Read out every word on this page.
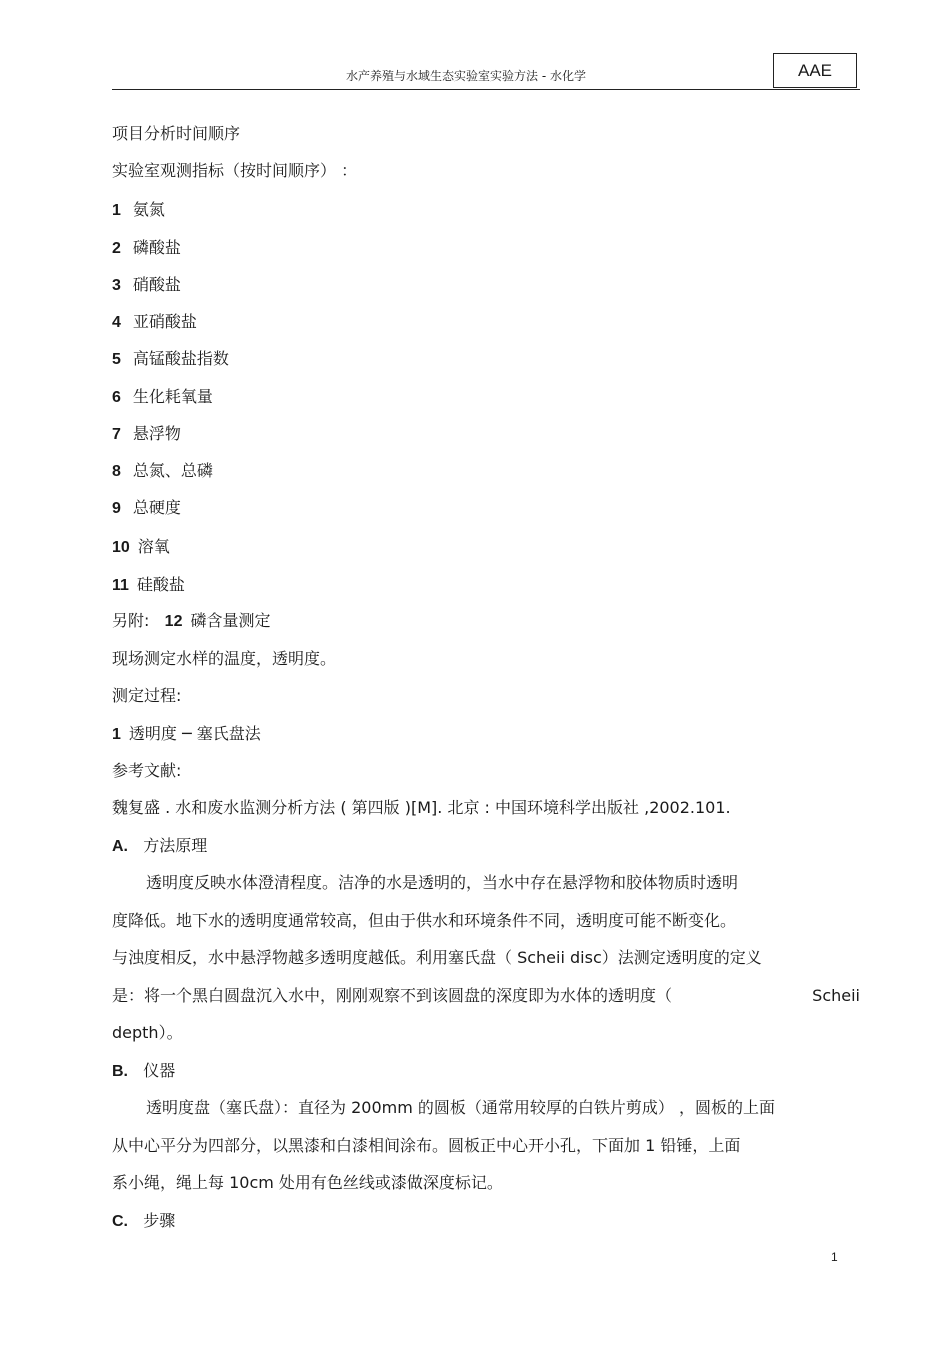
水产养殖与水域生态实验室实验方法 - 水化学	AAE
项目分析时间顺序
实验室观测指标（按时间顺序） ：
1 氨氮
2 磷酸盐
3 硝酸盐
4 亚硝酸盐
5 高锰酸盐指数
6 生化耗氧量
7 悬浮物
8 总氮、总磷
9 总硬度
10 溶氧
11 硅酸盐
另附: 12 磷含量测定
现场测定水样的温度，透明度。
测定过程:
1 透明度 ─ 塞氏盘法
参考文献:
魏复盛 . 水和废水监测分析方法 ( 第四版 )[M]. 北京 : 中国环境科学出版社 ,2002.101.
A. 方法原理
透明度反映水体澄清程度。洁净的水是透明的，当水中存在悬浮物和胶体物质时透明
度降低。地下水的透明度通常较高，但由于供水和环境条件不同，透明度可能不断变化。
与浊度相反，水中悬浮物越多透明度越低。利用塞氏盘（ Scheii disc）法测定透明度的定义
是：将一个黑白圆盘沉入水中，刚刚观察不到该圆盘的深度即为水体的透明度（	Scheii
depth）。
B. 仪器
透明度盘（塞氏盘）：直径为 200mm 的圆板（通常用较厚的白铁片剪成） ，圆板的上面
从中心平分为四部分，以黑漆和白漆相间涂布。圆板正中心开小孔，下面加 1 铅锤，上面
系小绳，绳上每 10cm 处用有色丝线或漆做深度标记。
C. 步骤
1
